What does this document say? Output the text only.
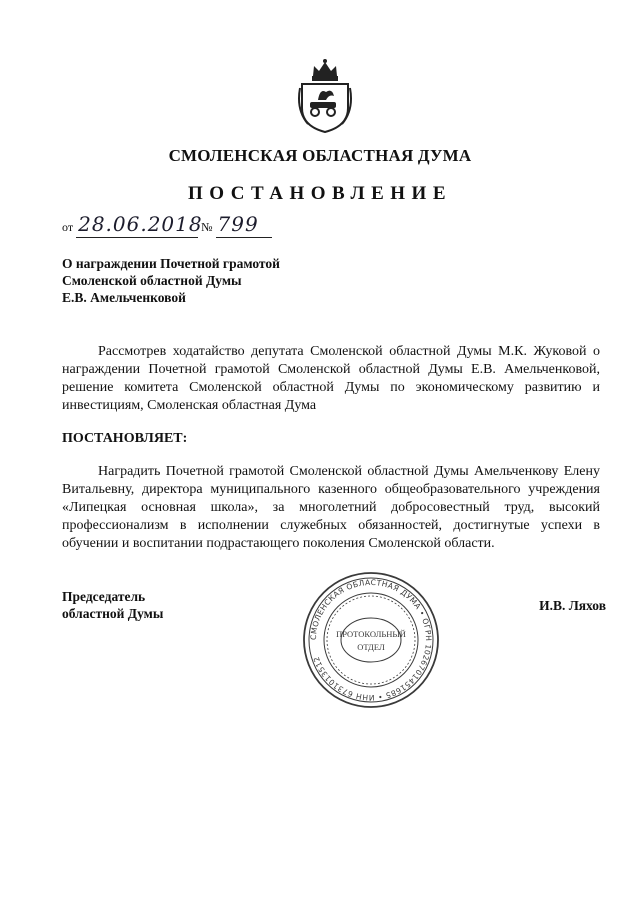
СМОЛЕНСКАЯ ОБЛАСТНАЯ ДУМА
ПОСТАНОВЛЕНИЕ
от 28.06.2018 № 799
О награждении Почетной грамотой
Смоленской областной Думы
Е.В. Амельченковой
Рассмотрев ходатайство депутата Смоленской областной Думы М.К. Жуковой о награждении Почетной грамотой Смоленской областной Думы Е.В. Амельченковой, решение комитета Смоленской областной Думы по экономическому развитию и инвестициям, Смоленская областная Дума
ПОСТАНОВЛЯЕТ:
Наградить Почетной грамотой Смоленской областной Думы Амельченкову Елену Витальевну, директора муниципального казенного общеобразовательного учреждения «Липецкая основная школа», за многолетний добросовестный труд, высокий профессионализм в исполнении служебных обязанностей, достигнутые успехи в обучении и воспитании подрастающего поколения Смоленской области.
Председатель
областной Думы
И.В. Ляхов
СМОЛЕНСКАЯ ОБЛАСТНАЯ ДУМА • ОГРН 1026701451685 • ИНН 6731013512
ПРОТОКОЛЬНЫЙ
ОТДЕЛ
